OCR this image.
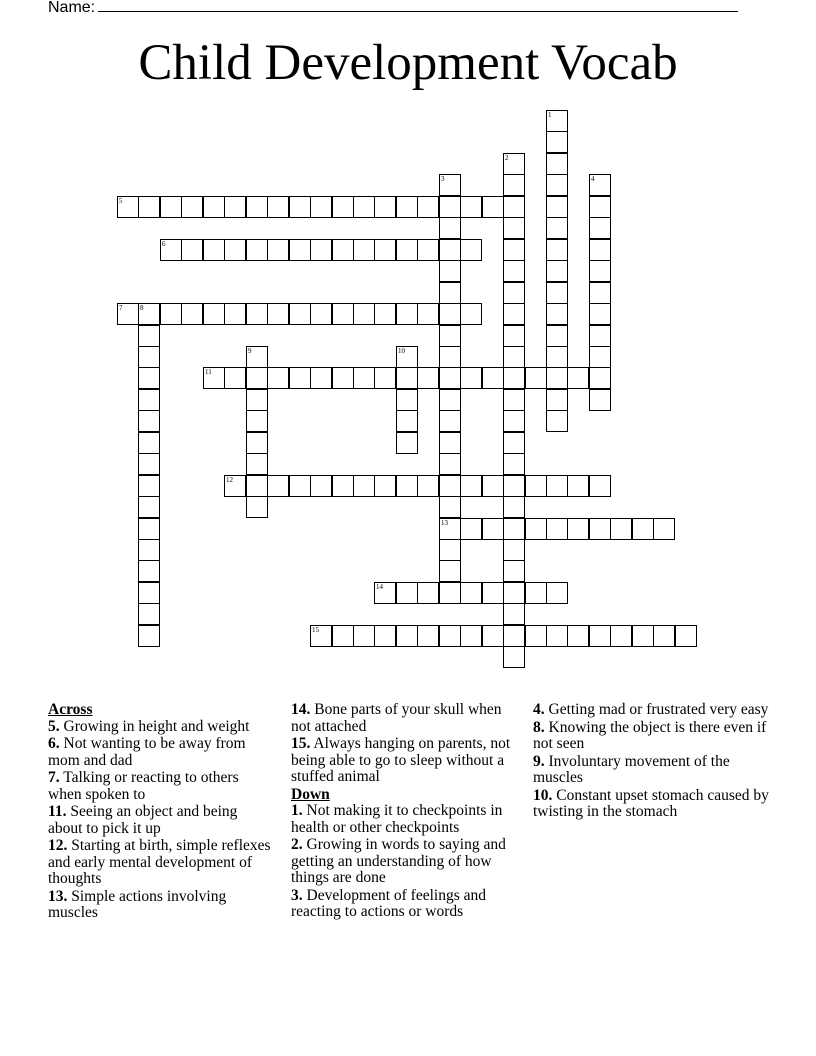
Name:
Child Development Vocab
1
2
3
13
4
5
6
7	8
9	10
11
12
14
15
Across
5. Growing in height and weight
6. Not wanting to be away from mom and dad
7. Talking or reacting to others when spoken to
11. Seeing an object and being about to pick it up
12. Starting at birth, simple reflexes and early mental development of thoughts
13. Simple actions involving muscles
14. Bone parts of your skull when not attached
15. Always hanging on parents, not being able to go to sleep without a stuffed animal
Down
1. Not making it to checkpoints in health or other checkpoints
2. Growing in words to saying and getting an understanding of how things are done
3. Development of feelings and reacting to actions or words
4. Getting mad or frustrated very easy
8. Knowing the object is there even if not seen
9. Involuntary movement of the muscles
10. Constant upset stomach caused by twisting in the stomach
